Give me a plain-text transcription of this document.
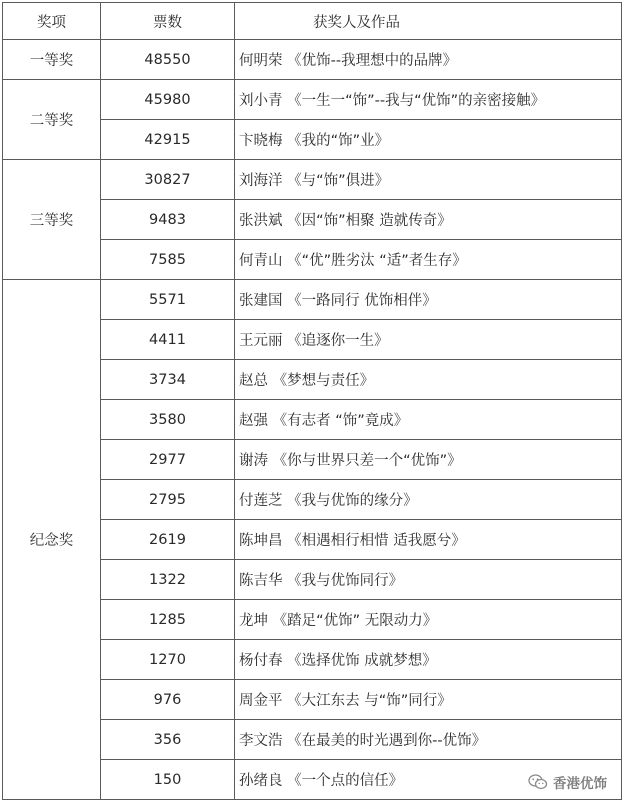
奖项	票数	获奖人及作品
一等奖	48550	何明荣 《优饰--我理想中的品牌》
二等奖	45980	刘小青 《一生一“饰”--我与“优饰”的亲密接触》
	42915	卞晓梅 《我的“饰”业》
三等奖	30827	刘海洋 《与“饰”俱进》
	9483	张洪斌 《因“饰”相聚 造就传奇》
	7585	何青山 《“优”胜劣汰 “适”者生存》
纪念奖	5571	张建国 《一路同行 优饰相伴》
	4411	王元丽 《追逐你一生》
	3734	赵总 《梦想与责任》
	3580	赵强 《有志者 “饰”竟成》
	2977	谢涛 《你与世界只差一个“优饰”》
	2795	付莲芝 《我与优饰的缘分》
	2619	陈坤昌 《相遇相行相惜 适我愿兮》
	1322	陈吉华 《我与优饰同行》
	1285	龙坤 《踏足“优饰” 无限动力》
	1270	杨付春 《选择优饰 成就梦想》
	976	周金平 《大江东去 与“饰”同行》
	356	李文浩 《在最美的时光遇到你--优饰》
	150	孙绪良 《一个点的信任》	香港优饰
